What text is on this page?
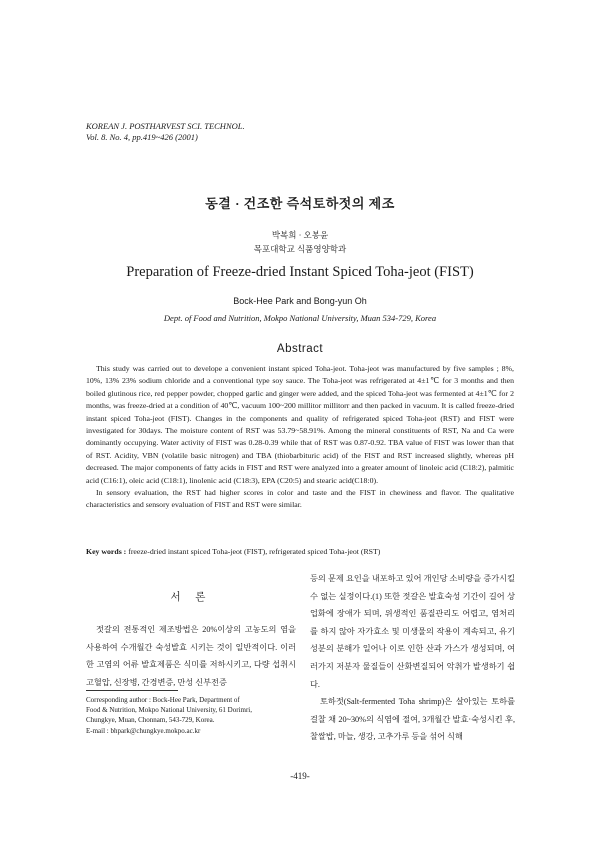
KOREAN J. POSTHARVEST SCI. TECHNOL.
Vol. 8. No. 4, pp.419~426 (2001)
동결 · 건조한 즉석토하젓의 제조
박복희 · 오봉윤
목포대학교 식품영양학과
Preparation of Freeze-dried Instant Spiced Toha-jeot (FIST)
Bock-Hee Park and Bong-yun Oh
Dept. of Food and Nutrition, Mokpo National University, Muan 534-729, Korea
Abstract

This study was carried out to develope a convenient instant spiced Toha-jeot. Toha-jeot was manufactured by five samples ; 8%, 10%, 13% 23% sodium chloride and a conventional type soy sauce. The Toha-jeot was refrigerated at 4±1℃ for 3 months and then boiled glutinous rice, red pepper powder, chopped garlic and ginger were added, and the spiced Toha-jeot was fermented at 4±1℃ for 2 months, was freeze-dried at a condition of 40℃, vacuum 100~200 millitor millitorr and then packed in vacuum. It is called freeze-dried instant spiced Toha-jeot (FIST). Changes in the components and quality of refrigerated spiced Toha-jeot (RST) and FIST were investigated for 30days. The moisture content of RST was 53.79~58.91%. Among the mineral constituents of RST, Na and Ca were dominantly occupying. Water activity of FIST was 0.28-0.39 while that of RST was 0.87-0.92. TBA value of FIST was lower than that of RST. Acidity, VBN (volatile basic nitrogen) and TBA (thiobarbituric acid) of the FIST and RST increased slightly, whereas pH decreased. The major components of fatty acids in FIST and RST were analyzed into a greater amount of linoleic acid (C18:2), palmitic acid (C16:1), oleic acid (C18:1), linolenic acid (C18:3), EPA (C20:5) and stearic acid(C18:0).

In sensory evaluation, the RST had higher scores in color and taste and the FIST in chewiness and flavor. The qualitative characteristics and sensory evaluation of FIST and RST were similar.

Key words : freeze-dried instant spiced Toha-jeot (FIST), refrigerated spiced Toha-jeot (RST)
서 론

젓갈의 전통적인 제조방법은 20%이상의 고농도의 염을 사용하여 수개월간 숙성발효 시키는 것이 일반적이다. 이러한 고염의 어류 발효제품은 식미를 저하시키고, 다량 섭취시 고혈압, 신장병, 간경변증, 만성 신부전증

Corresponding author : Bock-Hee Park, Department of
Food & Nutrition, Mokpo National University, 61 Dorimri,
Chungkye, Muan, Chonnam, 543-729, Korea.
E-mail : bhpark@chungkye.mokpo.ac.kr

등의 문제 요인을 내포하고 있어 개인당 소비량을 증가시킬 수 없는 실정이다.(1) 또한 젓갈은 발효숙성 기간이 길어 상업화에 장애가 되며, 위생적인 품질관리도 어렵고, 염처리를 하지 않아 자가효소 및 미생물의 작용이 계속되고, 유기성분의 분해가 일어나 이로 인한 산과 가스가 생성되며, 여러가지 저분자 물질들이 산화변질되어 악취가 발생하기 쉽다.

토하젓(Salt-fermented Toha shrimp)은 살아있는 토하를 걸찰 채 20~30%의 식염에 절여, 3개월간 발효·숙성시킨 후, 찰쌀밥, 마늘, 생강, 고추가루 등을 섞어 식해

-419-
